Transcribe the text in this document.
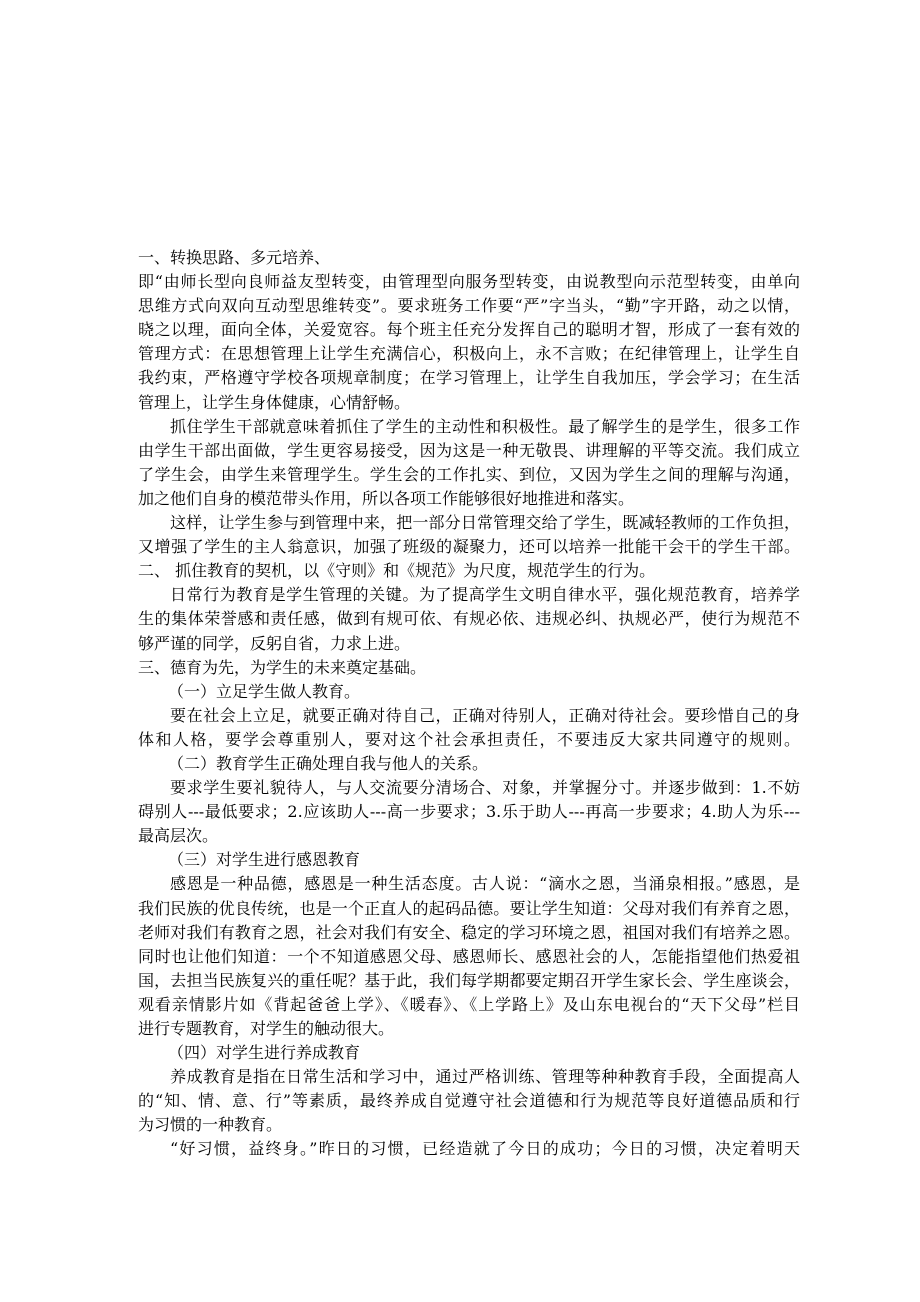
一、转换思路、多元培养、
即“由师长型向良师益友型转变，由管理型向服务型转变，由说教型向示范型转变，由单向
思维方式向双向互动型思维转变”。要求班务工作要“严”字当头，“勤”字开路，动之以情，
晓之以理，面向全体，关爱宽容。每个班主任充分发挥自己的聪明才智，形成了一套有效的
管理方式：在思想管理上让学生充满信心，积极向上，永不言败；在纪律管理上，让学生自
我约束，严格遵守学校各项规章制度；在学习管理上，让学生自我加压，学会学习；在生活
管理上，让学生身体健康，心情舒畅。
抓住学生干部就意味着抓住了学生的主动性和积极性。最了解学生的是学生，很多工作
由学生干部出面做，学生更容易接受，因为这是一种无敬畏、讲理解的平等交流。我们成立
了学生会，由学生来管理学生。学生会的工作扎实、到位，又因为学生之间的理解与沟通，
加之他们自身的模范带头作用，所以各项工作能够很好地推进和落实。
这样，让学生参与到管理中来，把一部分日常管理交给了学生，既减轻教师的工作负担，
又增强了学生的主人翁意识，加强了班级的凝聚力，还可以培养一批能干会干的学生干部。
二、 抓住教育的契机，以《守则》和《规范》为尺度，规范学生的行为。
日常行为教育是学生管理的关键。为了提高学生文明自律水平，强化规范教育，培养学
生的集体荣誉感和责任感，做到有规可依、有规必依、违规必纠、执规必严，使行为规范不
够严谨的同学，反躬自省，力求上进。
三、德育为先，为学生的未来奠定基础。
（一）立足学生做人教育。
要在社会上立足，就要正确对待自己，正确对待别人，正确对待社会。要珍惜自己的身
体和人格，要学会尊重别人，要对这个社会承担责任，不要违反大家共同遵守的规则。
（二）教育学生正确处理自我与他人的关系。
要求学生要礼貌待人，与人交流要分清场合、对象，并掌握分寸。并逐步做到：1.不妨
碍别人---最低要求；2.应该助人---高一步要求；3.乐于助人---再高一步要求；4.助人为乐---
最高层次。
（三）对学生进行感恩教育
感恩是一种品德，感恩是一种生活态度。古人说：“滴水之恩，当涌泉相报。”感恩，是
我们民族的优良传统，也是一个正直人的起码品德。要让学生知道：父母对我们有养育之恩，
老师对我们有教育之恩，社会对我们有安全、稳定的学习环境之恩，祖国对我们有培养之恩。
同时也让他们知道：一个不知道感恩父母、感恩师长、感恩社会的人，怎能指望他们热爱祖
国，去担当民族复兴的重任呢？基于此，我们每学期都要定期召开学生家长会、学生座谈会，
观看亲情影片如《背起爸爸上学》、《暖春》、《上学路上》及山东电视台的“天下父母”栏目
进行专题教育，对学生的触动很大。
（四）对学生进行养成教育
养成教育是指在日常生活和学习中，通过严格训练、管理等种种教育手段，全面提高人
的“知、情、意、行”等素质，最终养成自觉遵守社会道德和行为规范等良好道德品质和行
为习惯的一种教育。
“好习惯，益终身。”昨日的习惯，已经造就了今日的成功；今日的习惯，决定着明天
